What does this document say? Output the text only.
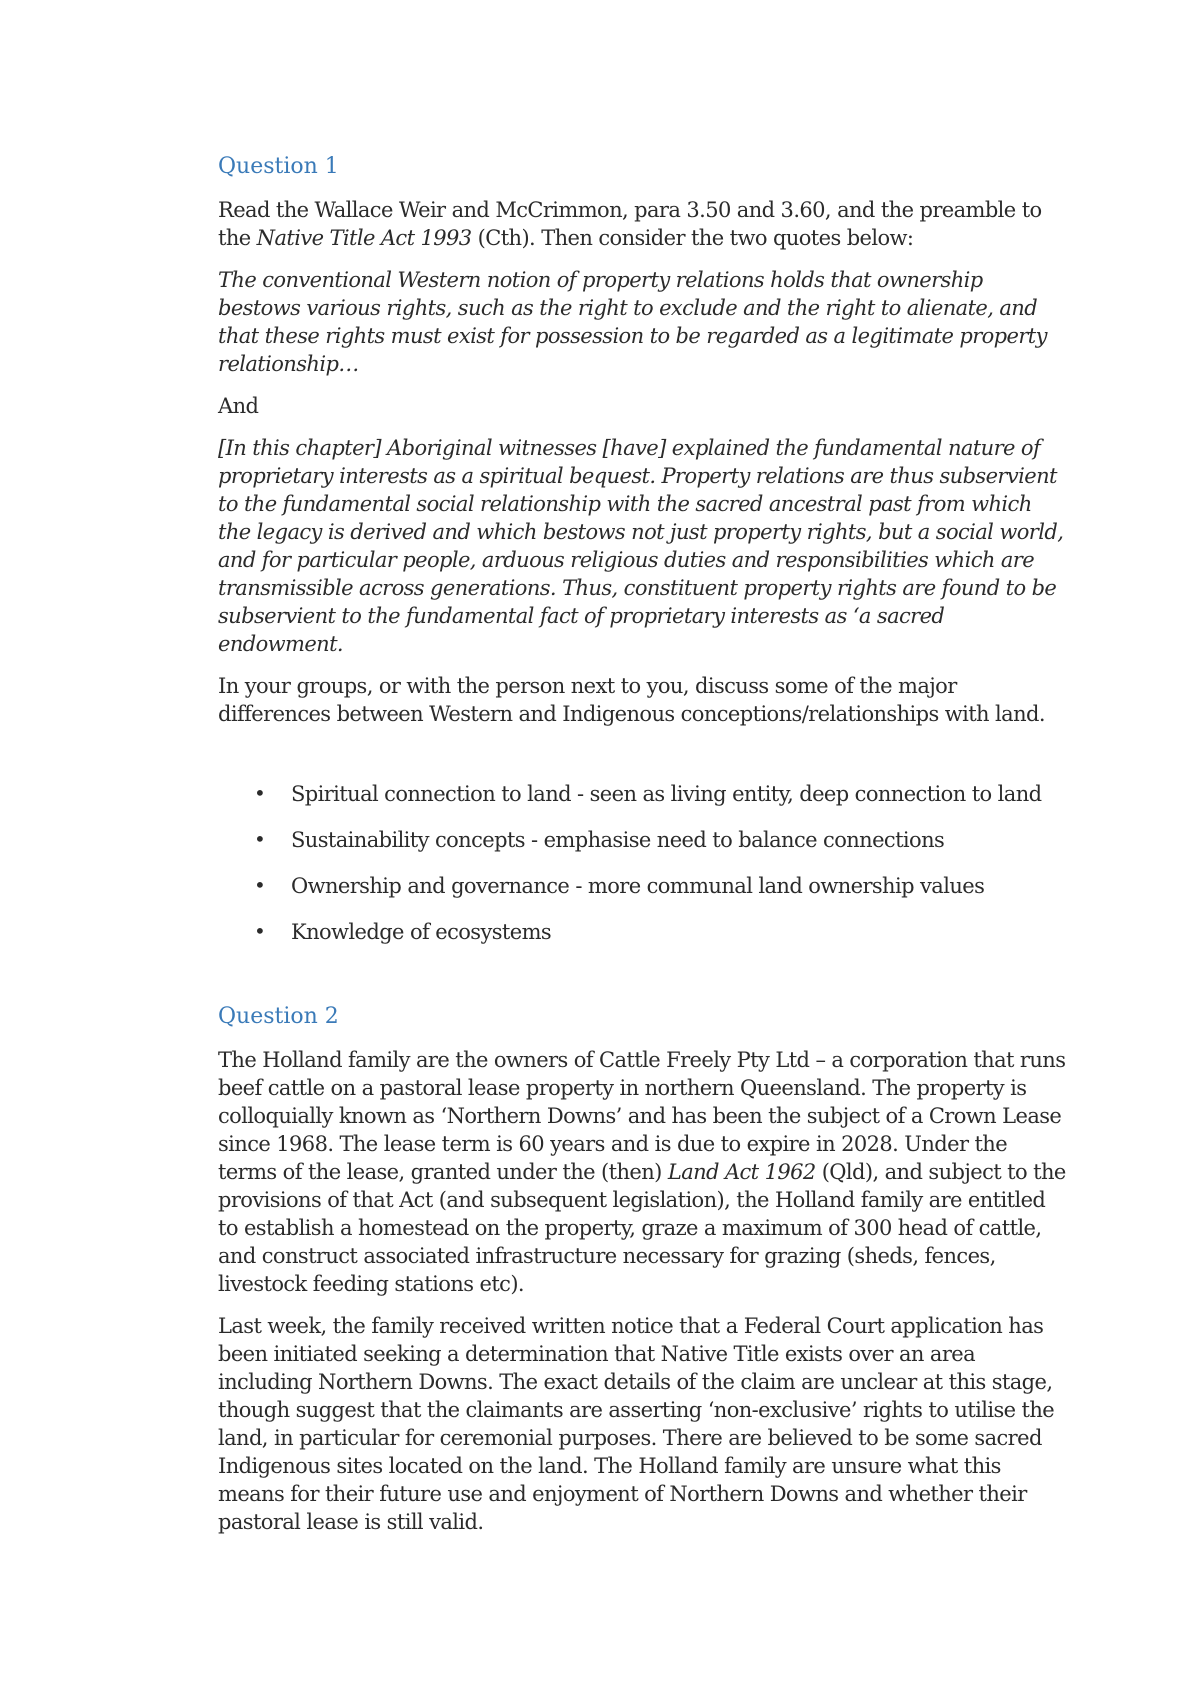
Question 1

Read the Wallace Weir and McCrimmon, para 3.50 and 3.60, and the preamble to the Native Title Act 1993 (Cth). Then consider the two quotes below:

The conventional Western notion of property relations holds that ownership bestows various rights, such as the right to exclude and the right to alienate, and that these rights must exist for possession to be regarded as a legitimate property relationship…

And

[In this chapter] Aboriginal witnesses [have] explained the fundamental nature of proprietary interests as a spiritual bequest. Property relations are thus subservient to the fundamental social relationship with the sacred ancestral past from which the legacy is derived and which bestows not just property rights, but a social world, and for particular people, arduous religious duties and responsibilities which are transmissible across generations. Thus, constituent property rights are found to be subservient to the fundamental fact of proprietary interests as ‘a sacred endowment.

In your groups, or with the person next to you, discuss some of the major differences between Western and Indigenous conceptions/relationships with land.

• Spiritual connection to land - seen as living entity, deep connection to land
• Sustainability concepts - emphasise need to balance connections
• Ownership and governance - more communal land ownership values
• Knowledge of ecosystems
Question 2

The Holland family are the owners of Cattle Freely Pty Ltd – a corporation that runs beef cattle on a pastoral lease property in northern Queensland. The property is colloquially known as ‘Northern Downs’ and has been the subject of a Crown Lease since 1968. The lease term is 60 years and is due to expire in 2028. Under the terms of the lease, granted under the (then) Land Act 1962 (Qld), and subject to the provisions of that Act (and subsequent legislation), the Holland family are entitled to establish a homestead on the property, graze a maximum of 300 head of cattle, and construct associated infrastructure necessary for grazing (sheds, fences, livestock feeding stations etc).

Last week, the family received written notice that a Federal Court application has been initiated seeking a determination that Native Title exists over an area including Northern Downs. The exact details of the claim are unclear at this stage, though suggest that the claimants are asserting ‘non-exclusive’ rights to utilise the land, in particular for ceremonial purposes. There are believed to be some sacred Indigenous sites located on the land. The Holland family are unsure what this means for their future use and enjoyment of Northern Downs and whether their pastoral lease is still valid.
